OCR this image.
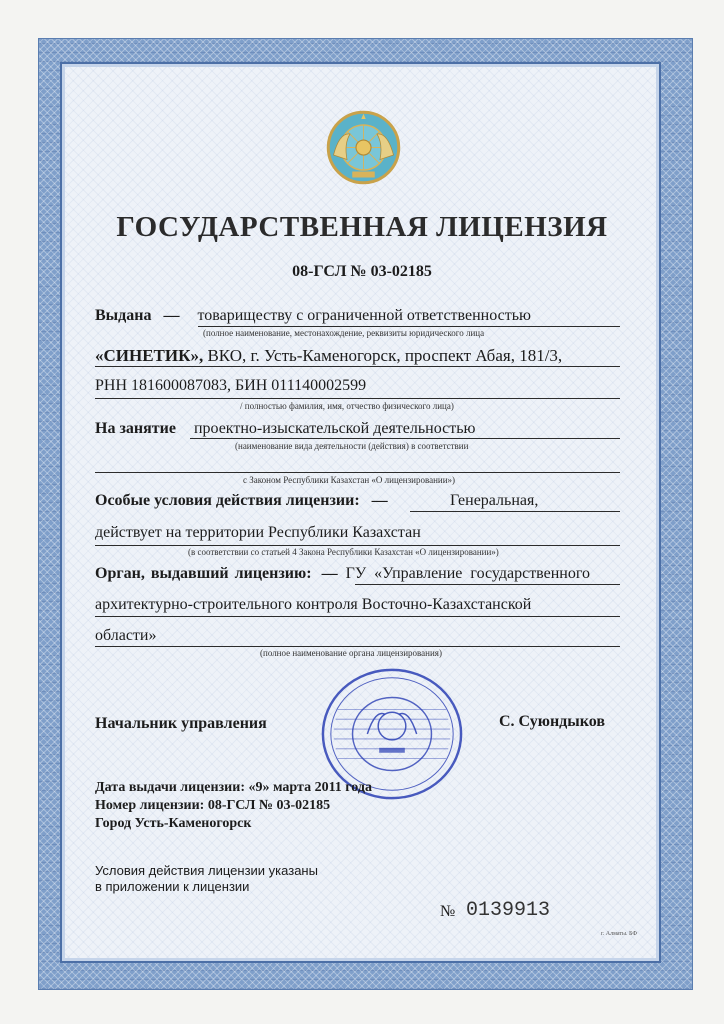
ГОСУДАРСТВЕННАЯ ЛИЦЕНЗИЯ
08-ГСЛ № 03-02185
Выдана — товариществу с ограниченной ответственностью
(полное наименование, местонахождение, реквизиты юридического лица
«СИНЕТИК», ВКО, г. Усть-Каменогорск, проспект Абая, 181/3,
РНН 181600087083, БИН 011140002599
/ полностью фамилия, имя, отчество физического лица)
На занятие проектно-изыскательской деятельностью
(наименование вида деятельности (действия) в соответствии
с Законом Республики Казахстан «О лицензировании»)
Особые условия действия лицензии: —	Генеральная,
действует на территории Республики Казахстан
(в соответствии со статьей 4 Закона Республики Казахстан «О лицензировании»)
Орган, выдавший лицензию: — ГУ «Управление государственного
архитектурно-строительного контроля Восточно-Казахстанской
области»
(полное наименование органа лицензирования)
Начальник управления	С. Суюндыков
Дата выдачи лицензии: «9» марта 2011 года
Номер лицензии: 08-ГСЛ № 03-02185
Город Усть-Каменогорск
Условия действия лицензии указаны
в приложении к лицензии
№ 0139913
г. Алматы. БФ
